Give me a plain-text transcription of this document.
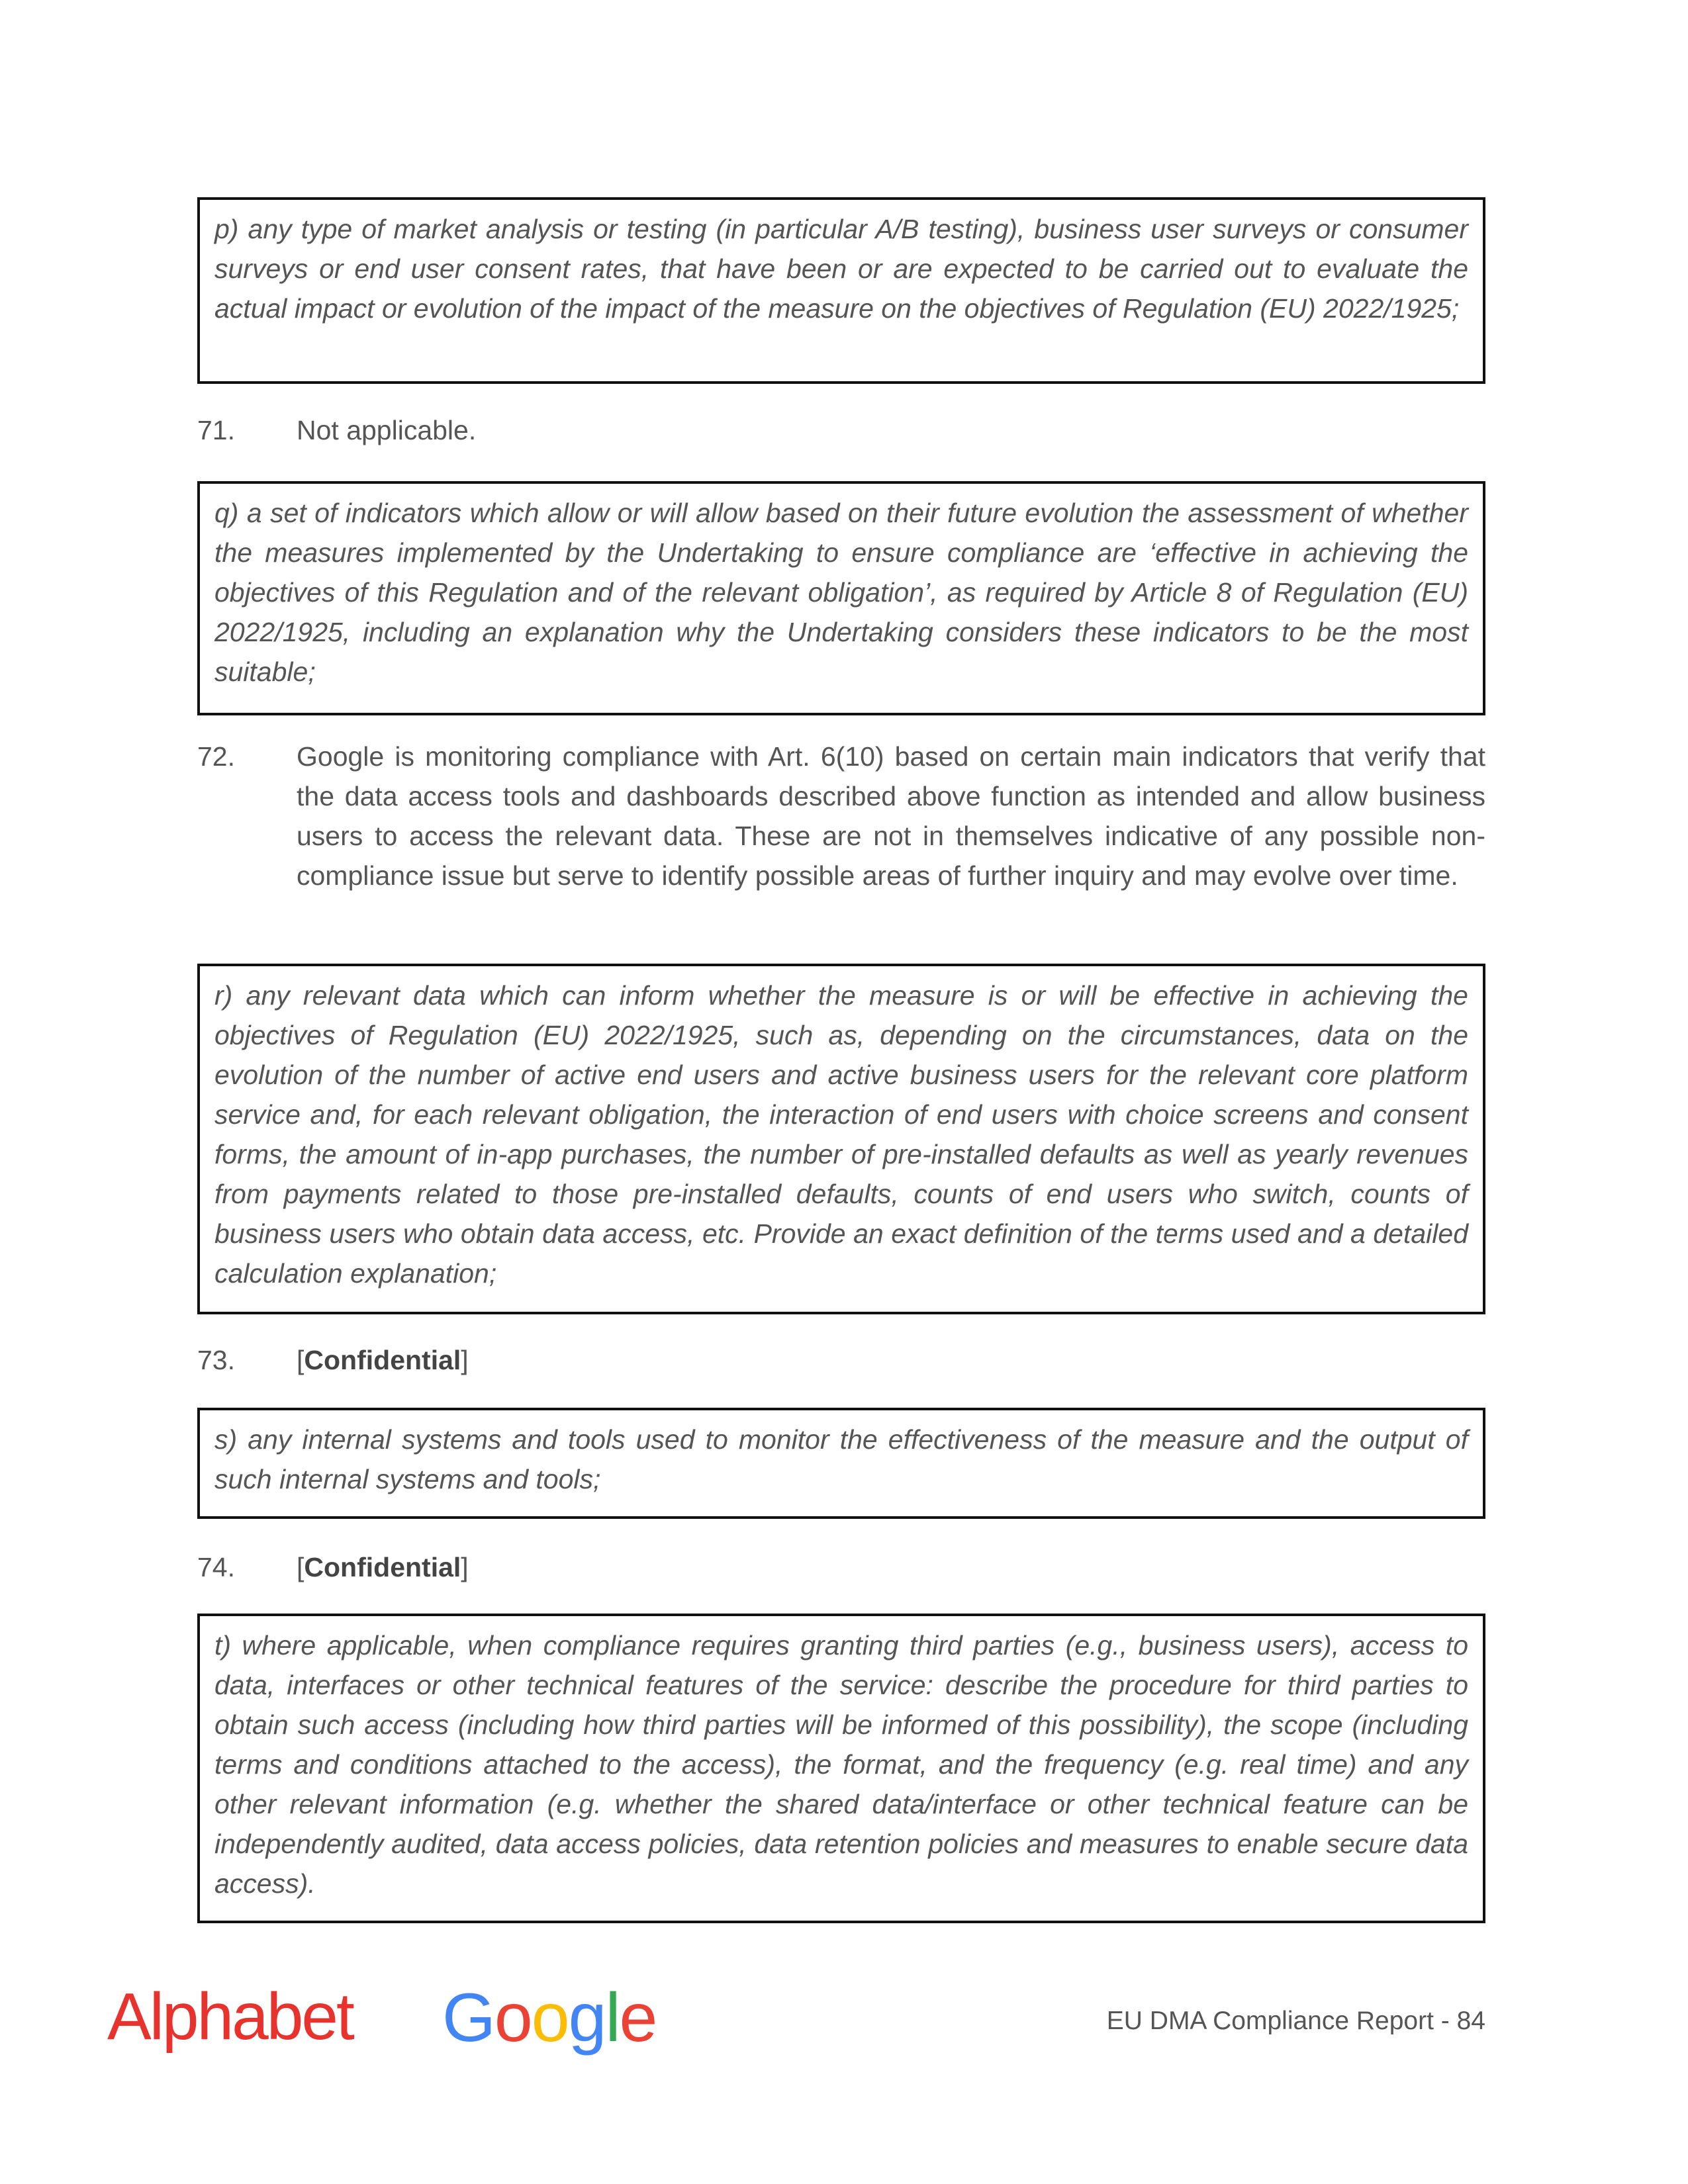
p) any type of market analysis or testing (in particular A/B testing), business user surveys or consumer surveys or end user consent rates, that have been or are expected to be carried out to evaluate the actual impact or evolution of the impact of the measure on the objectives of Regulation (EU) 2022/1925;
71. Not applicable.
q) a set of indicators which allow or will allow based on their future evolution the assessment of whether the measures implemented by the Undertaking to ensure compliance are ‘effective in achieving the objectives of this Regulation and of the relevant obligation’, as required by Article 8 of Regulation (EU) 2022/1925, including an explanation why the Undertaking considers these indicators to be the most suitable;
72. Google is monitoring compliance with Art. 6(10) based on certain main indicators that verify that the data access tools and dashboards described above function as intended and allow business users to access the relevant data. These are not in themselves indicative of any possible non-compliance issue but serve to identify possible areas of further inquiry and may evolve over time.
r) any relevant data which can inform whether the measure is or will be effective in achieving the objectives of Regulation (EU) 2022/1925, such as, depending on the circumstances, data on the evolution of the number of active end users and active business users for the relevant core platform service and, for each relevant obligation, the interaction of end users with choice screens and consent forms, the amount of in-app purchases, the number of pre-installed defaults as well as yearly revenues from payments related to those pre-installed defaults, counts of end users who switch, counts of business users who obtain data access, etc. Provide an exact definition of the terms used and a detailed calculation explanation;
73. [Confidential]
s) any internal systems and tools used to monitor the effectiveness of the measure and the output of such internal systems and tools;
74. [Confidential]
t) where applicable, when compliance requires granting third parties (e.g., business users), access to data, interfaces or other technical features of the service: describe the procedure for third parties to obtain such access (including how third parties will be informed of this possibility), the scope (including terms and conditions attached to the access), the format, and the frequency (e.g. real time) and any other relevant information (e.g. whether the shared data/interface or other technical feature can be independently audited, data access policies, data retention policies and measures to enable secure data access).
Alphabet Google	EU DMA Compliance Report - 84
